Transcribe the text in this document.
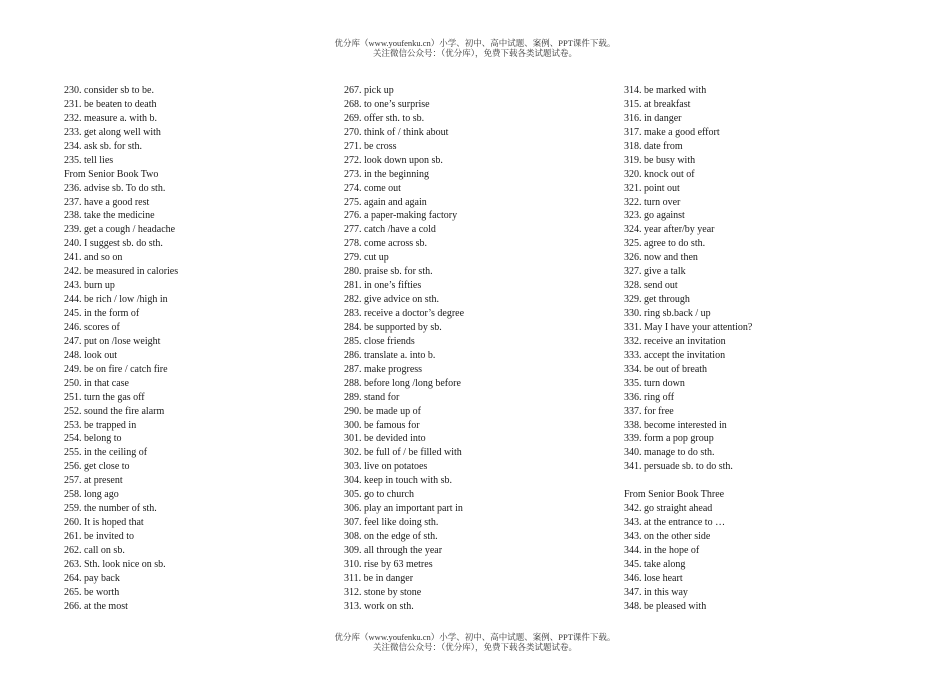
优分库（www.youfenku.cn）小学、初中、高中试题、案例、PPT课件下载。
关注微信公众号：（优分库），免费下载各类试题试卷。
230. consider sb to be.
231. be beaten to death
232. measure a. with b.
233. get along well with
234. ask sb. for sth.
235. tell lies
From Senior Book Two
236. advise sb. To do sth.
237. have a good rest
238. take the medicine
239. get a cough / headache
240. I suggest sb. do sth.
241. and so on
242. be measured in calories
243. burn up
244. be rich / low /high in
245. in the form of
246. scores of
247. put on /lose weight
248. look out
249. be on fire / catch fire
250. in that case
251. turn the gas off
252. sound the fire alarm
253. be trapped in
254. belong to
255. in the ceiling of
256. get close to
257. at present
258. long ago
259. the number of sth.
260. It is hoped that
261. be invited to
262. call on sb.
263. Sth. look nice on sb.
264. pay back
265. be worth
266. at the most
267. pick up
268. to one’s surprise
269. offer sth. to sb.
270. think of / think about
271. be cross
272. look down upon sb.
273. in the beginning
274. come out
275. again and again
276. a paper-making factory
277. catch /have a cold
278. come across sb.
279. cut up
280. praise sb. for sth.
281. in one’s fifties
282. give advice on sth.
283. receive a doctor’s degree
284. be supported by sb.
285. close friends
286. translate a. into b.
287. make progress
288. before long /long before
289. stand for
290. be made up of
300. be famous for
301. be devided into
302. be full of / be filled with
303. live on potatoes
304. keep in touch with sb.
305. go to church
306. play an important part in
307. feel like doing sth.
308. on the edge of sth.
309. all through the year
310. rise by 63 metres
311. be in danger
312. stone by stone
313. work on sth.
314. be marked with
315. at breakfast
316. in danger
317. make a good effort
318. date from
319. be busy with
320. knock out of
321. point out
322. turn over
323. go against
324. year after/by year
325. agree to do sth.
326. now and then
327. give a talk
328. send out
329. get through
330. ring sb.back / up
331. May I have your attention?
332. receive an invitation
333. accept the invitation
334. be out of breath
335. turn down
336. ring off
337. for free
338. become interested in
339. form a pop group
340. manage to do sth.
341. persuade sb. to do sth.
From Senior Book Three
342. go straight ahead
343. at the entrance to …
343. on the other side
344. in the hope of
345. take along
346. lose heart
347. in this way
348. be pleased with
优分库（www.youfenku.cn）小学、初中、高中试题、案例、PPT课件下载。
关注微信公众号：（优分库），免费下载各类试题试卷。
